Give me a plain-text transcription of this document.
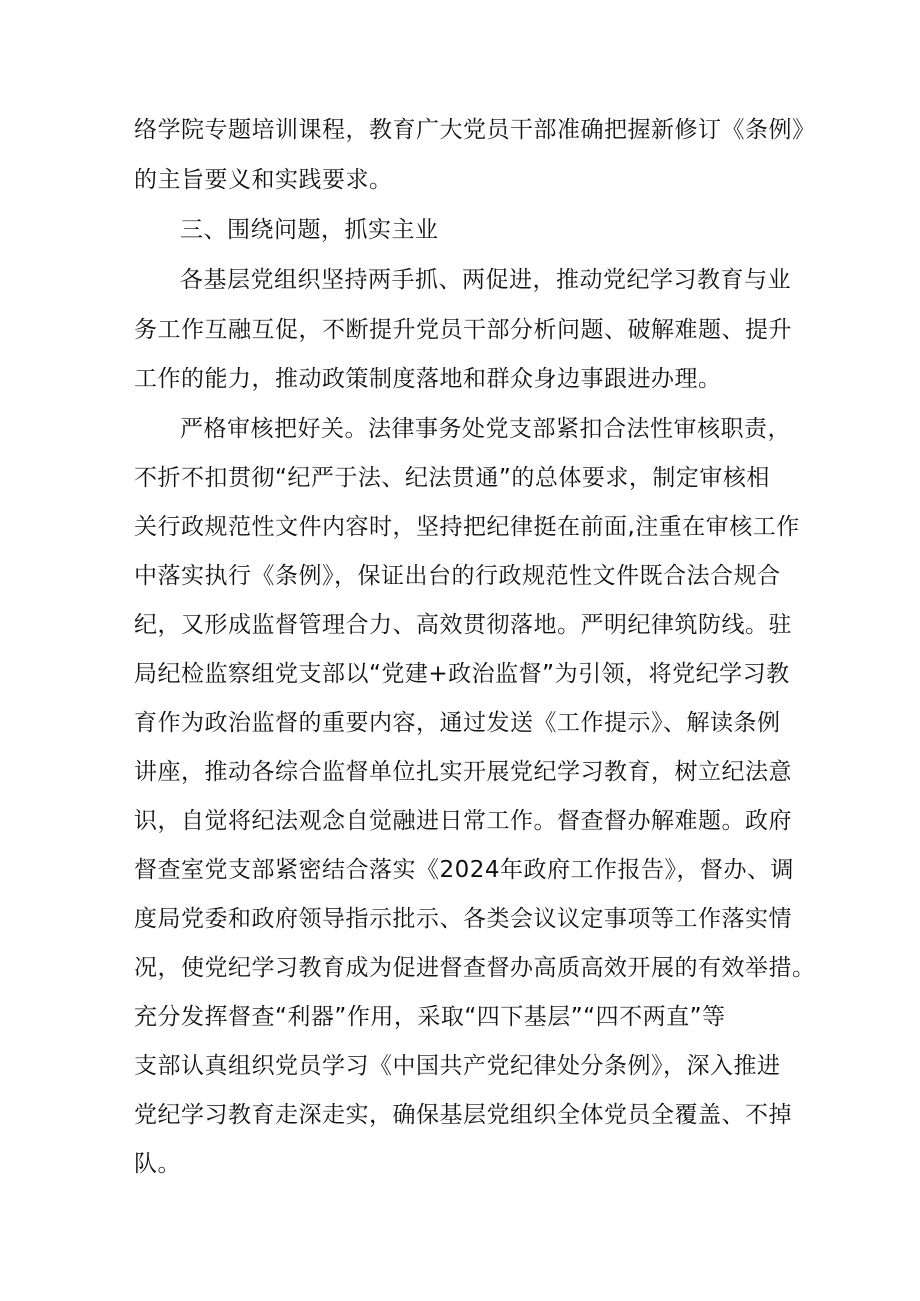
络学院专题培训课程，教育广大党员干部准确把握新修订《条例》
的主旨要义和实践要求。
三、围绕问题，抓实主业
各基层党组织坚持两手抓、两促进，推动党纪学习教育与业
务工作互融互促，不断提升党员干部分析问题、破解难题、提升
工作的能力，推动政策制度落地和群众身边事跟进办理。
严格审核把好关。法律事务处党支部紧扣合法性审核职责，
不折不扣贯彻“纪严于法、纪法贯通”的总体要求，制定审核相
关行政规范性文件内容时，坚持把纪律挺在前面,注重在审核工作
中落实执行《条例》，保证出台的行政规范性文件既合法合规合
纪，又形成监督管理合力、高效贯彻落地。严明纪律筑防线。驻
局纪检监察组党支部以“党建+政治监督”为引领，将党纪学习教
育作为政治监督的重要内容，通过发送《工作提示》、解读条例
讲座，推动各综合监督单位扎实开展党纪学习教育，树立纪法意
识，自觉将纪法观念自觉融进日常工作。督查督办解难题。政府
督查室党支部紧密结合落实《2024年政府工作报告》，督办、调
度局党委和政府领导指示批示、各类会议议定事项等工作落实情
况，使党纪学习教育成为促进督查督办高质高效开展的有效举措。
充分发挥督查“利器”作用，采取“四下基层”“四不两直”等
支部认真组织党员学习《中国共产党纪律处分条例》，深入推进
党纪学习教育走深走实，确保基层党组织全体党员全覆盖、不掉
队。
